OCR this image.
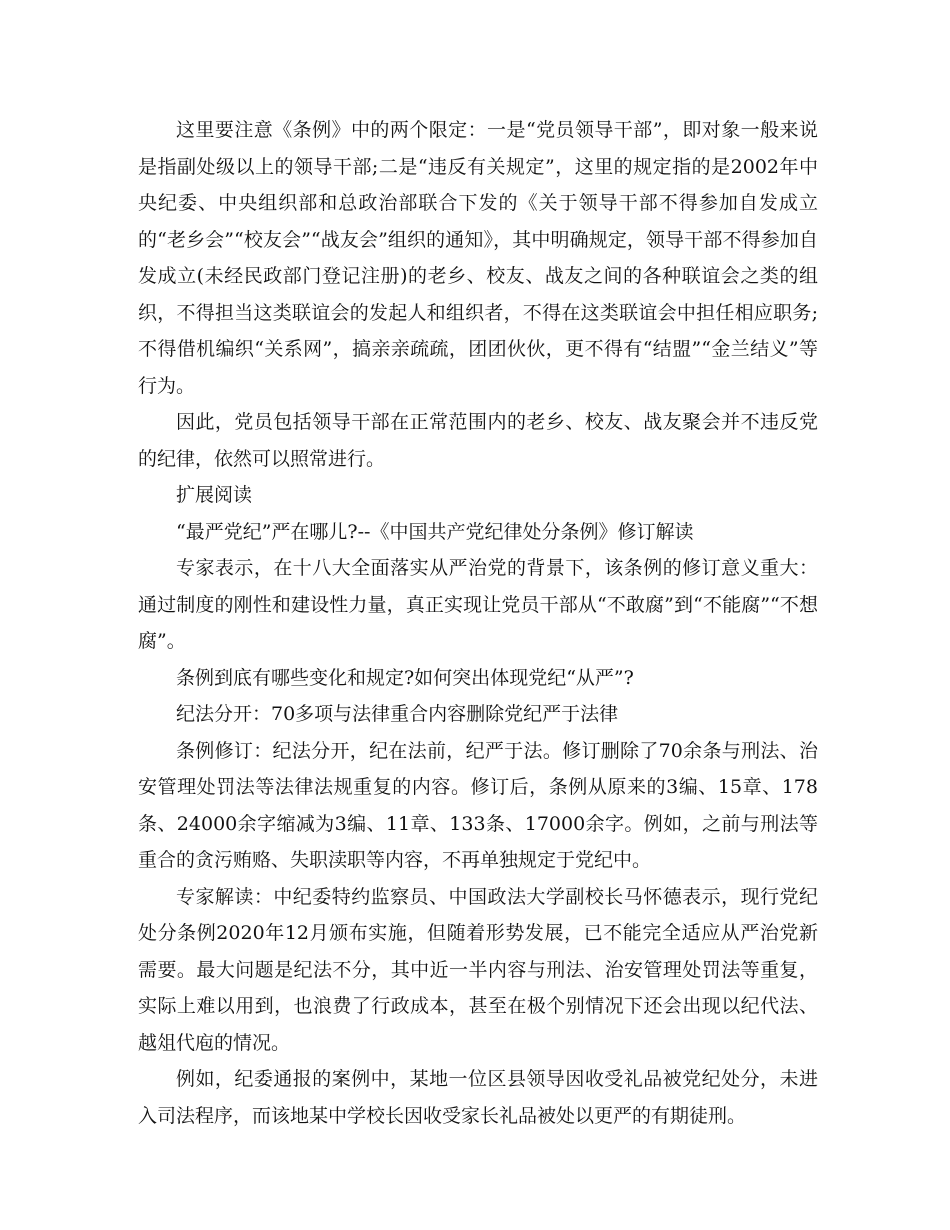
这里要注意《条例》中的两个限定：一是“党员领导干部”，即对象一般来说是指副处级以上的领导干部;二是“违反有关规定”，这里的规定指的是2002年中央纪委、中央组织部和总政治部联合下发的《关于领导干部不得参加自发成立的“老乡会”“校友会”“战友会”组织的通知》，其中明确规定，领导干部不得参加自发成立(未经民政部门登记注册)的老乡、校友、战友之间的各种联谊会之类的组织，不得担当这类联谊会的发起人和组织者，不得在这类联谊会中担任相应职务;不得借机编织“关系网”，搞亲亲疏疏，团团伙伙，更不得有“结盟”“金兰结义”等行为。

因此，党员包括领导干部在正常范围内的老乡、校友、战友聚会并不违反党的纪律，依然可以照常进行。

扩展阅读

“最严党纪”严在哪儿?--《中国共产党纪律处分条例》修订解读

专家表示，在十八大全面落实从严治党的背景下，该条例的修订意义重大：通过制度的刚性和建设性力量，真正实现让党员干部从“不敢腐”到“不能腐”“不想腐”。

条例到底有哪些变化和规定?如何突出体现党纪“从严”?

纪法分开：70多项与法律重合内容删除党纪严于法律

条例修订：纪法分开，纪在法前，纪严于法。修订删除了70余条与刑法、治安管理处罚法等法律法规重复的内容。修订后，条例从原来的3编、15章、178条、24000余字缩减为3编、11章、133条、17000余字。例如，之前与刑法等重合的贪污贿赂、失职渎职等内容，不再单独规定于党纪中。

专家解读：中纪委特约监察员、中国政法大学副校长马怀德表示，现行党纪处分条例2020年12月颁布实施，但随着形势发展，已不能完全适应从严治党新需要。最大问题是纪法不分，其中近一半内容与刑法、治安管理处罚法等重复，实际上难以用到，也浪费了行政成本，甚至在极个别情况下还会出现以纪代法、越俎代庖的情况。

例如，纪委通报的案例中，某地一位区县领导因收受礼品被党纪处分，未进入司法程序，而该地某中学校长因收受家长礼品被处以更严的有期徒刑。
